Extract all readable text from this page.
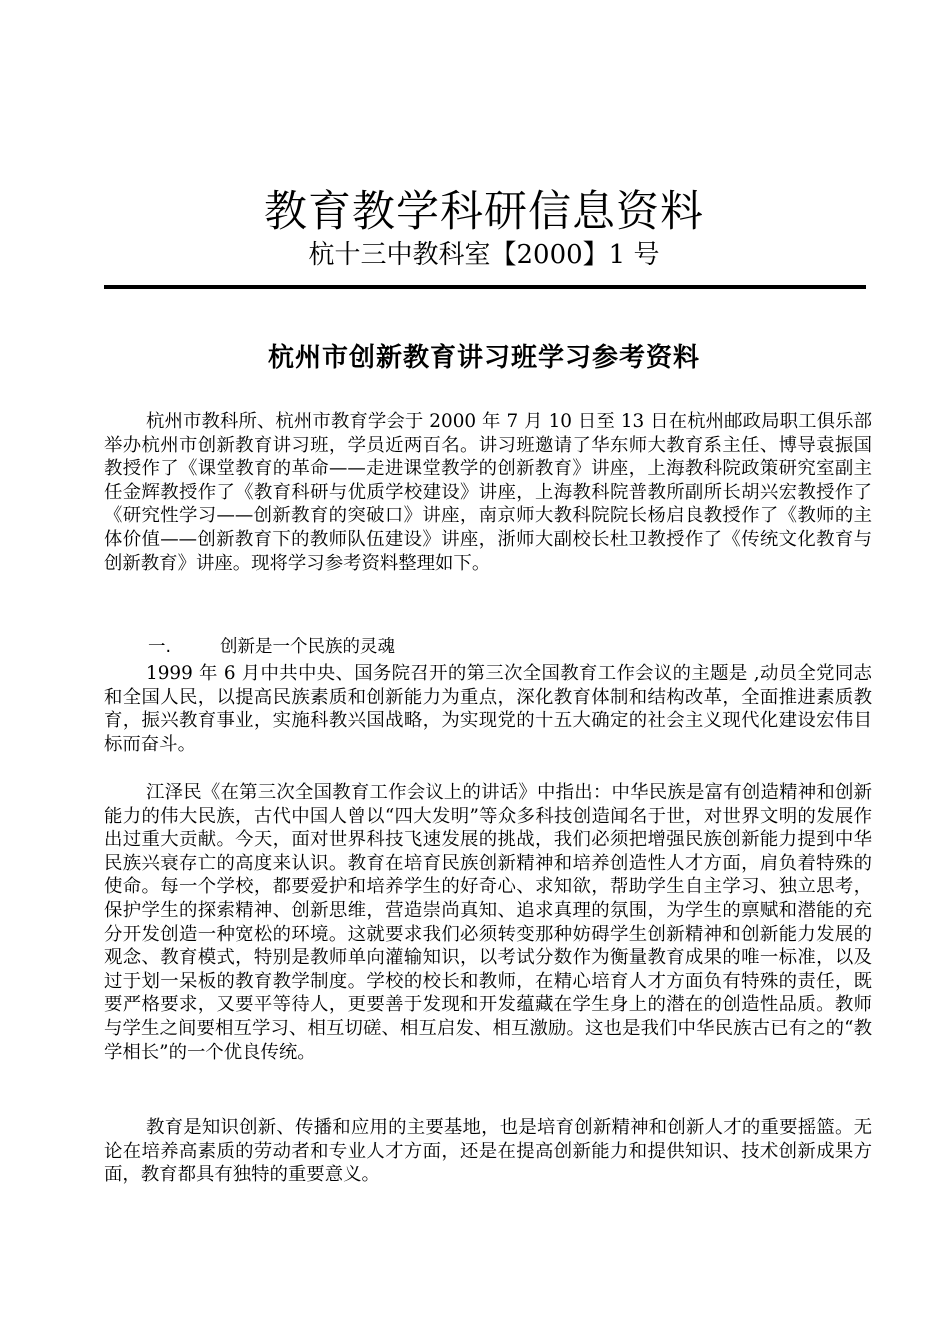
教育教学科研信息资料
杭十三中教科室【2000】1 号
杭州市创新教育讲习班学习参考资料

杭州市教科所、杭州市教育学会于 2000 年 7 月 10 日至 13 日在杭州邮政局职工俱乐部举办杭州市创新教育讲习班，学员近两百名。讲习班邀请了华东师大教育系主任、博导袁振国教授作了《课堂教育的革命——走进课堂教学的创新教育》讲座，上海教科院政策研究室副主任金辉教授作了《教育科研与优质学校建设》讲座，上海教科院普教所副所长胡兴宏教授作了《研究性学习——创新教育的突破口》讲座，南京师大教科院院长杨启良教授作了《教师的主体价值——创新教育下的教师队伍建设》讲座，浙师大副校长杜卫教授作了《传统文化教育与创新教育》讲座。现将学习参考资料整理如下。

一.	创新是一个民族的灵魂

1999 年 6 月中共中央、国务院召开的第三次全国教育工作会议的主题是 ,动员全党同志和全国人民，以提高民族素质和创新能力为重点，深化教育体制和结构改革，全面推进素质教育，振兴教育事业，实施科教兴国战略，为实现党的十五大确定的社会主义现代化建设宏伟目标而奋斗。

江泽民《在第三次全国教育工作会议上的讲话》中指出：中华民族是富有创造精神和创新能力的伟大民族，古代中国人曾以“四大发明”等众多科技创造闻名于世，对世界文明的发展作出过重大贡献。今天，面对世界科技飞速发展的挑战，我们必须把增强民族创新能力提到中华民族兴衰存亡的高度来认识。教育在培育民族创新精神和培养创造性人才方面，肩负着特殊的使命。每一个学校，都要爱护和培养学生的好奇心、求知欲，帮助学生自主学习、独立思考，保护学生的探索精神、创新思维，营造崇尚真知、追求真理的氛围，为学生的禀赋和潜能的充分开发创造一种宽松的环境。这就要求我们必须转变那种妨碍学生创新精神和创新能力发展的观念、教育模式，特别是教师单向灌输知识，以考试分数作为衡量教育成果的唯一标准，以及过于划一呆板的教育教学制度。学校的校长和教师，在精心培育人才方面负有特殊的责任，既要严格要求，又要平等待人，更要善于发现和开发蕴藏在学生身上的潜在的创造性品质。教师与学生之间要相互学习、相互切磋、相互启发、相互激励。这也是我们中华民族古已有之的“教学相长”的一个优良传统。

教育是知识创新、传播和应用的主要基地，也是培育创新精神和创新人才的重要摇篮。无论在培养高素质的劳动者和专业人才方面，还是在提高创新能力和提供知识、技术创新成果方面，教育都具有独特的重要意义。
